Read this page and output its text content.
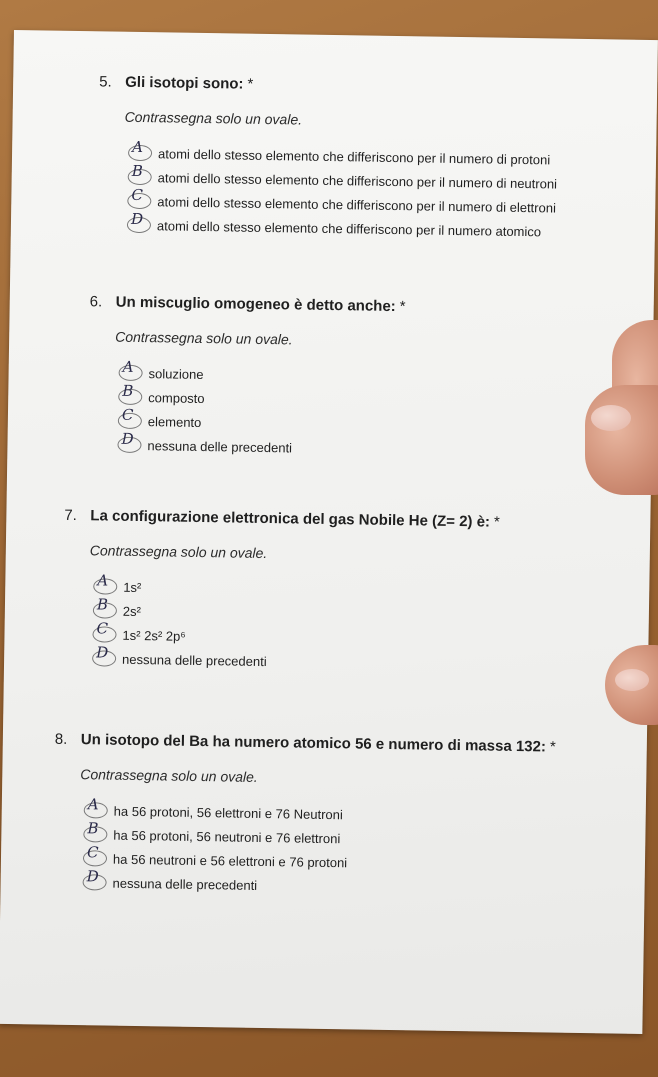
5. Gli isotopi sono: *
Contrassegna solo un ovale.
A atomi dello stesso elemento che differiscono per il numero di protoni
B atomi dello stesso elemento che differiscono per il numero di neutroni
C atomi dello stesso elemento che differiscono per il numero di elettroni
D atomi dello stesso elemento che differiscono per il numero atomico
6. Un miscuglio omogeneo è detto anche: *
Contrassegna solo un ovale.
A soluzione
B composto
C elemento
D nessuna delle precedenti
7. La configurazione elettronica del gas Nobile He (Z= 2) è: *
Contrassegna solo un ovale.
A 1s²
B 2s²
C 1s² 2s² 2p⁶
D nessuna delle precedenti
8. Un isotopo del Ba ha numero atomico 56 e numero di massa 132: *
Contrassegna solo un ovale.
A ha 56 protoni, 56 elettroni e 76 Neutroni
B ha 56 protoni, 56 neutroni e 76 elettroni
C ha 56 neutroni e 56 elettroni e 76 protoni
D nessuna delle precedenti
